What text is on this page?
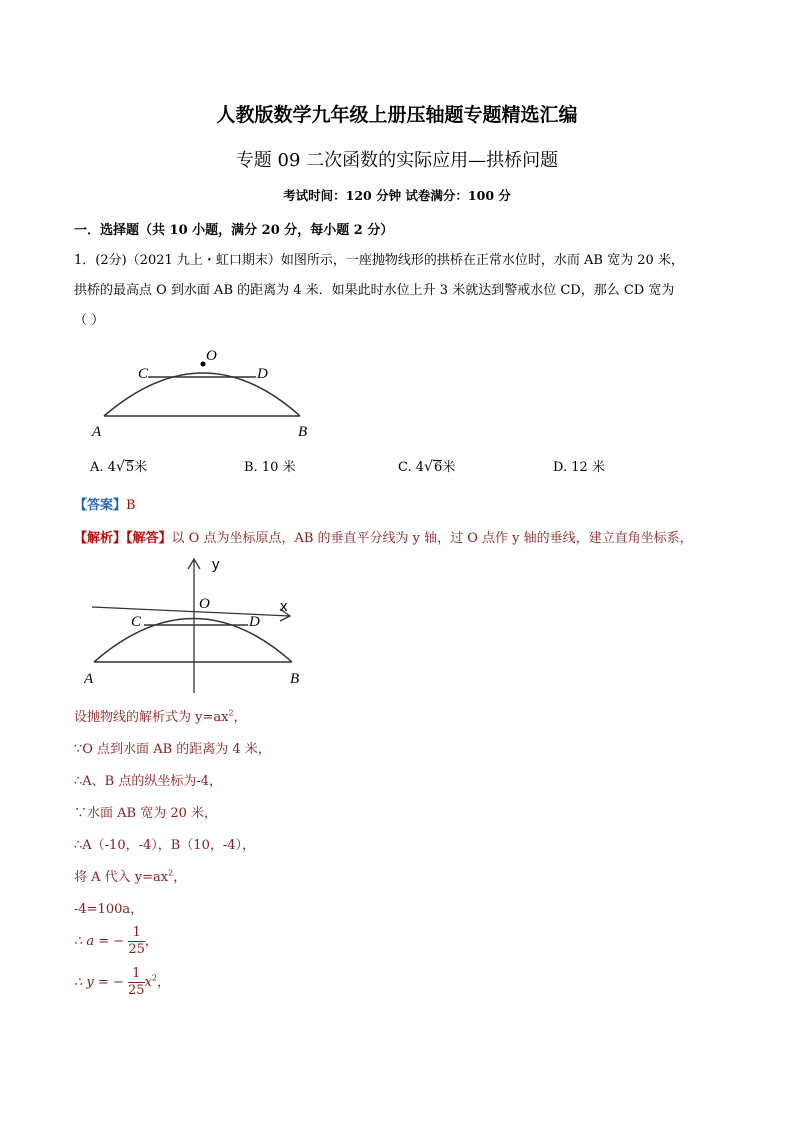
人教版数学九年级上册压轴题专题精选汇编
专题 09 二次函数的实际应用—拱桥问题
考试时间：120 分钟 试卷满分：100 分
一．选择题（共 10 小题，满分 20 分，每小题 2 分）
1．(2分)（2021 九上・虹口期末）如图所示，一座抛物线形的拱桥在正常水位时，水而 AB 宽为 20 米，
拱桥的最高点 O 到水面 AB 的距离为 4 米．如果此时水位上升 3 米就达到警戒水位 CD，那么 CD 宽为
（ ）
O
C	D
A	B
A. 4√5米	B. 10 米	C. 4√6米	D. 12 米
【答案】B
【解析】【解答】以 O 点为坐标原点，AB 的垂直平分线为 y 轴，过 O 点作 y 轴的垂线，建立直角坐标系，
y
x
O
C	D
A	B
设抛物线的解析式为 $y=ax^2$，
∵O 点到水面 AB 的距离为 4 米，
∴A、B 点的纵坐标为-4，
∵水面 AB 宽为 20 米，
∴A（-10，-4），B（10，-4），
将 A 代入 $y=ax^2$，
-4=100a，
∴ a = − $\frac{1}{25}$ ，
∴ y = − $\frac{1}{25} x^2$，
